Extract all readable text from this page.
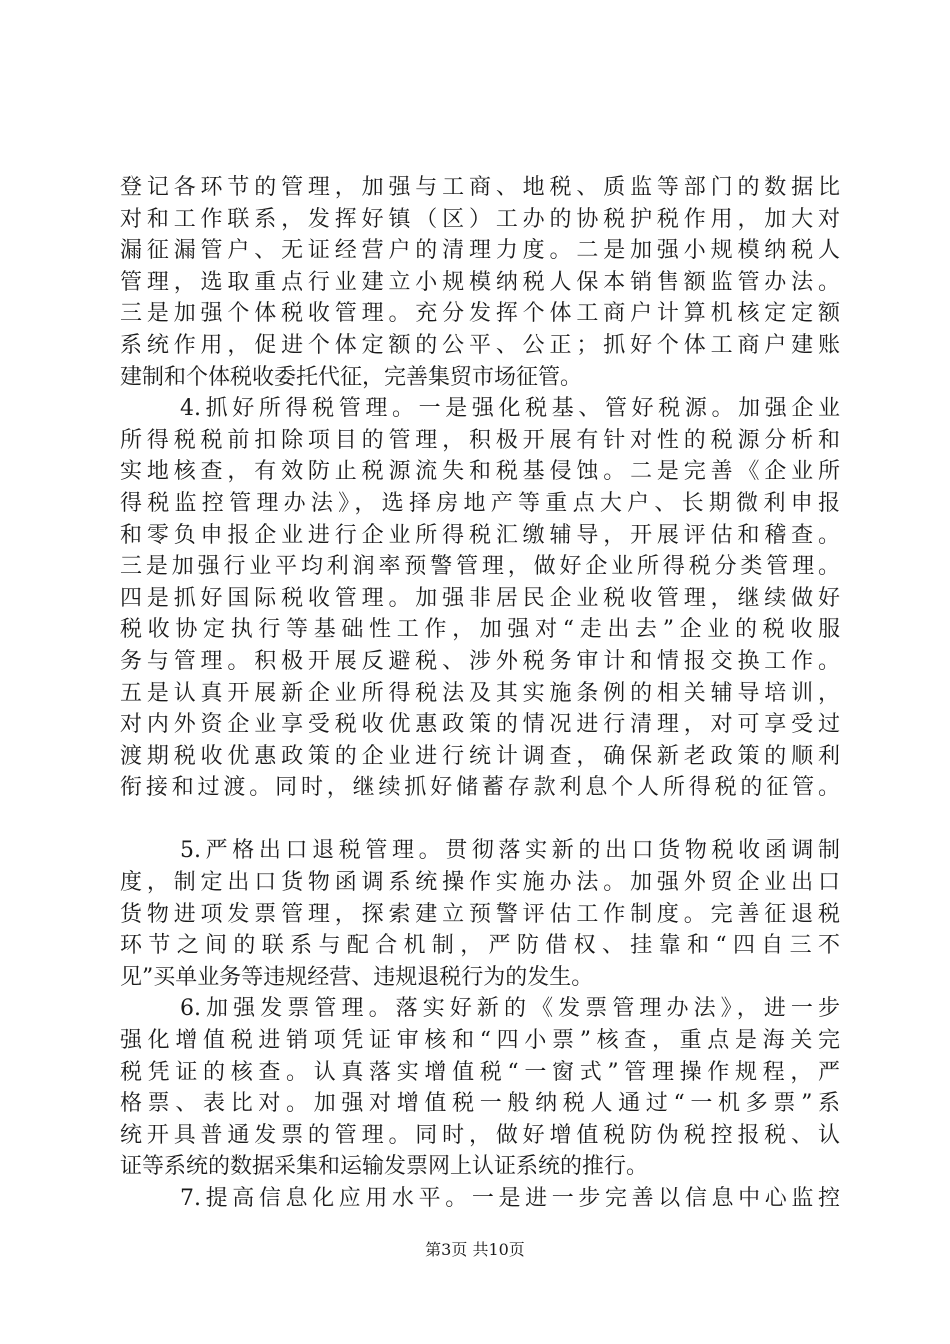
登记各环节的管理，加强与工商、地税、质监等部门的数据比
对和工作联系，发挥好镇（区）工办的协税护税作用，加大对
漏征漏管户、无证经营户的清理力度。二是加强小规模纳税人
管理，选取重点行业建立小规模纳税人保本销售额监管办法。
三是加强个体税收管理。充分发挥个体工商户计算机核定定额
系统作用，促进个体定额的公平、公正；抓好个体工商户建账
建制和个体税收委托代征，完善集贸市场征管。
4.抓好所得税管理。一是强化税基、管好税源。加强企业
所得税税前扣除项目的管理，积极开展有针对性的税源分析和
实地核查，有效防止税源流失和税基侵蚀。二是完善《企业所
得税监控管理办法》，选择房地产等重点大户、长期微利申报
和零负申报企业进行企业所得税汇缴辅导，开展评估和稽查。
三是加强行业平均利润率预警管理，做好企业所得税分类管理。
四是抓好国际税收管理。加强非居民企业税收管理，继续做好
税收协定执行等基础性工作，加强对“走出去”企业的税收服
务与管理。积极开展反避税、涉外税务审计和情报交换工作。
五是认真开展新企业所得税法及其实施条例的相关辅导培训，
对内外资企业享受税收优惠政策的情况进行清理，对可享受过
渡期税收优惠政策的企业进行统计调查，确保新老政策的顺利
衔接和过渡。同时，继续抓好储蓄存款利息个人所得税的征管。
5.严格出口退税管理。贯彻落实新的出口货物税收函调制
度，制定出口货物函调系统操作实施办法。加强外贸企业出口
货物进项发票管理，探索建立预警评估工作制度。完善征退税
环节之间的联系与配合机制，严防借权、挂靠和“四自三不
见”买单业务等违规经营、违规退税行为的发生。
6.加强发票管理。落实好新的《发票管理办法》，进一步
强化增值税进销项凭证审核和“四小票”核查，重点是海关完
税凭证的核查。认真落实增值税“一窗式”管理操作规程，严
格票、表比对。加强对增值税一般纳税人通过“一机多票”系
统开具普通发票的管理。同时，做好增值税防伪税控报税、认
证等系统的数据采集和运输发票网上认证系统的推行。
7.提高信息化应用水平。一是进一步完善以信息中心监控
第3页 共10页
